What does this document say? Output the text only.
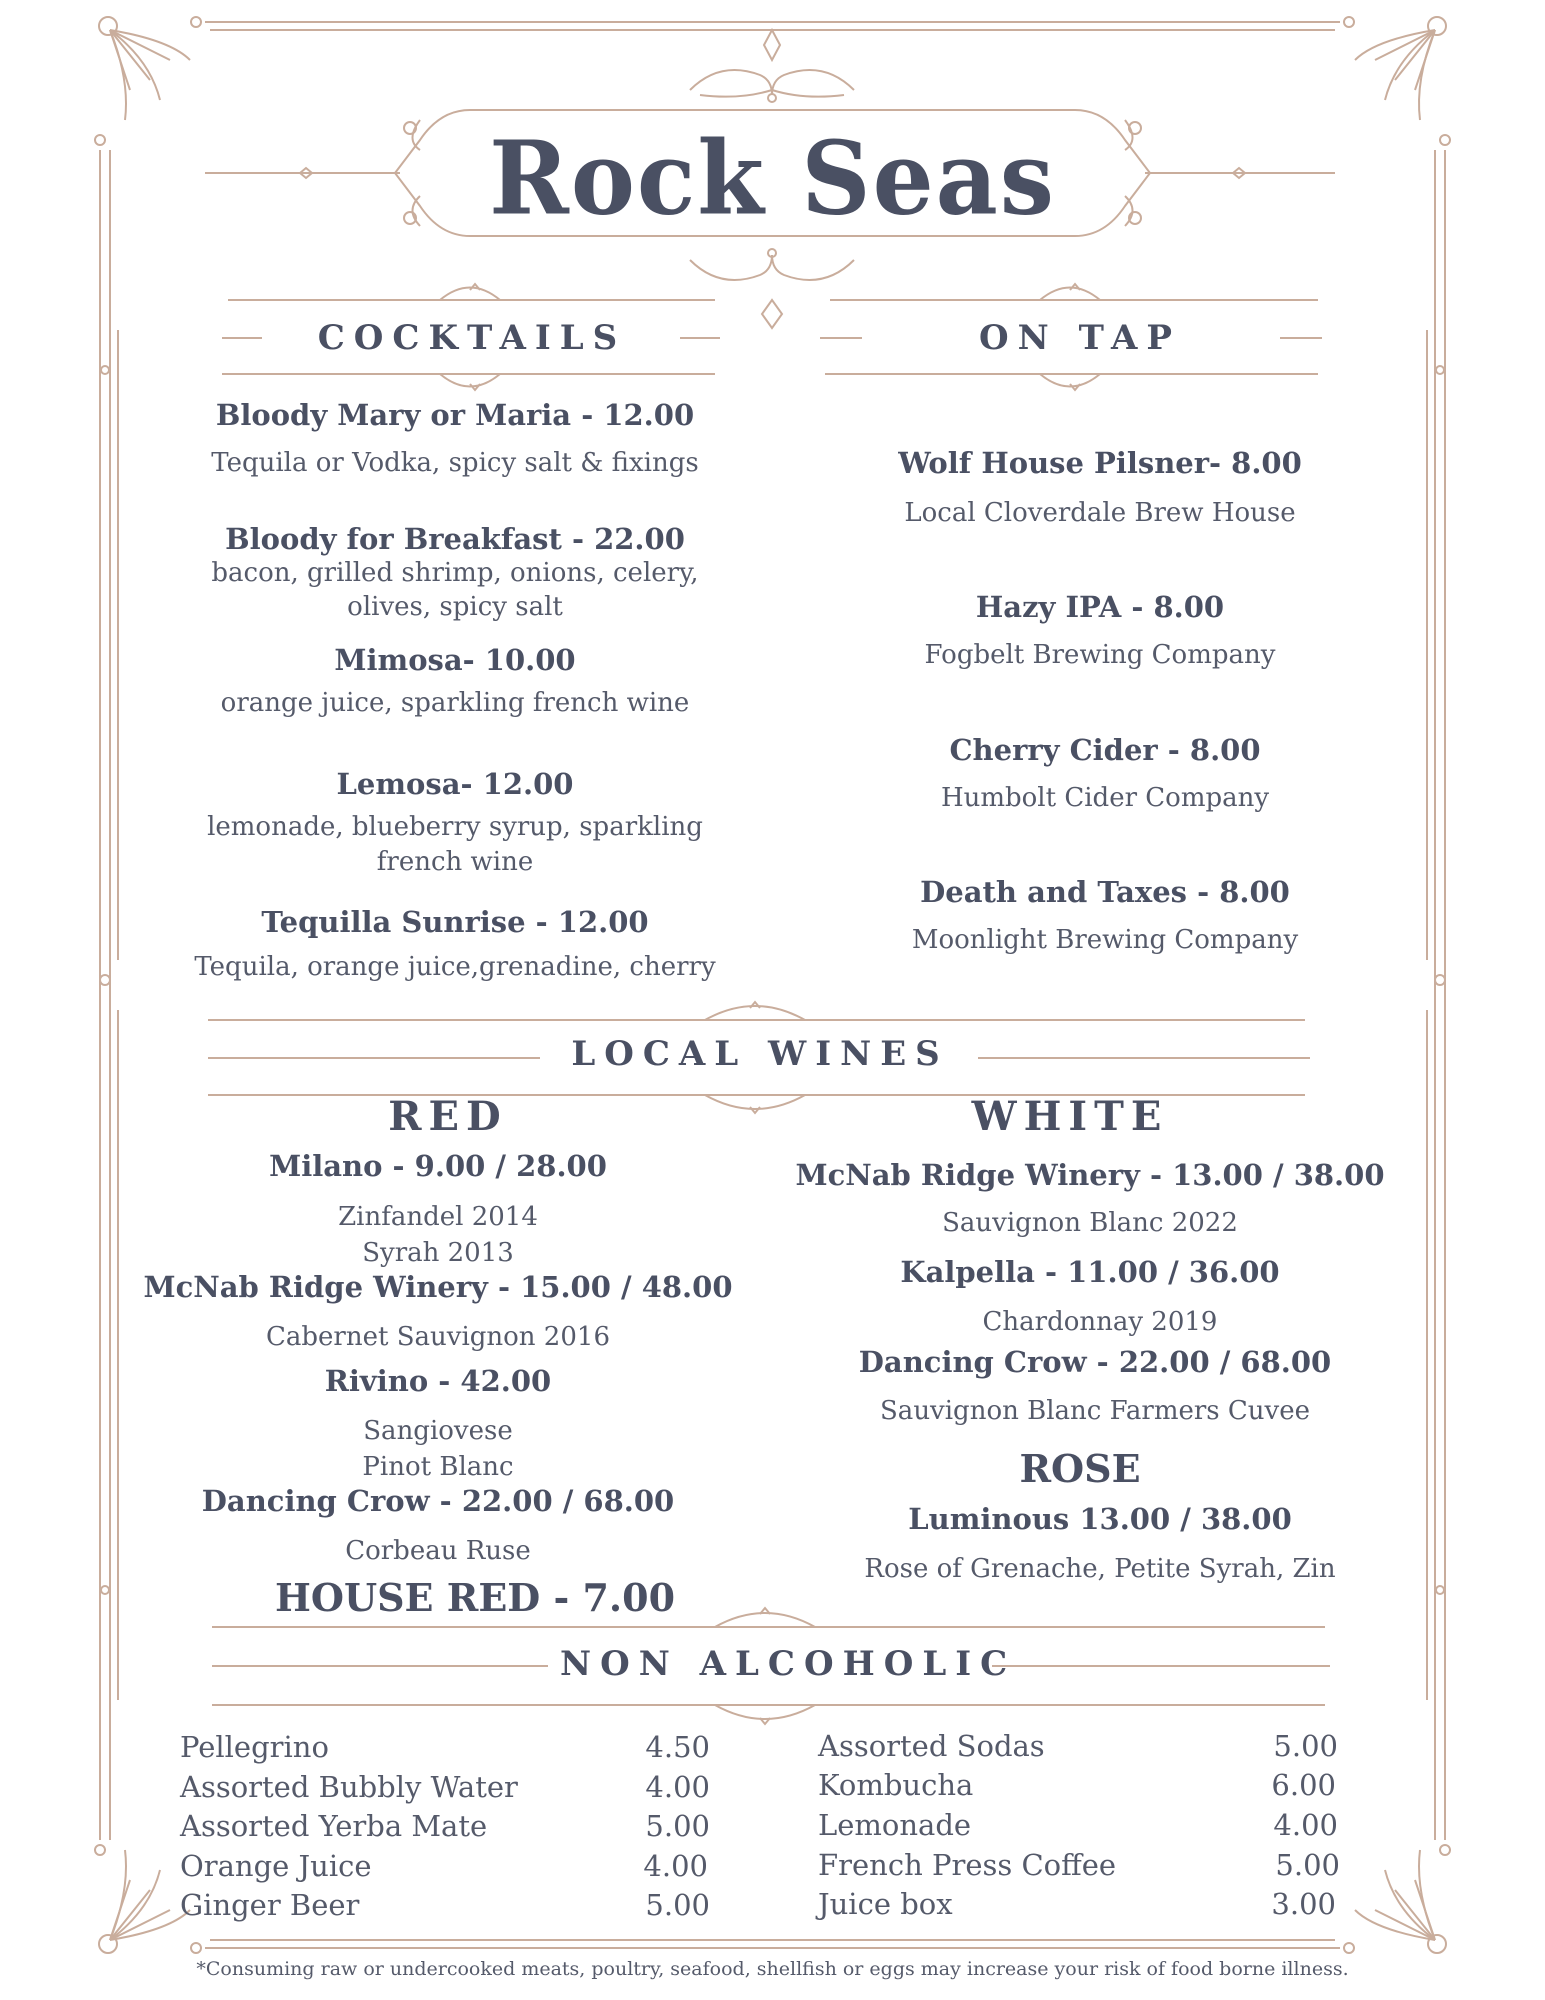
Rock Seas
COCKTAILS
Bloody Mary or Maria - 12.00
Tequila or Vodka, spicy salt & fixings
Bloody for Breakfast - 22.00
bacon, grilled shrimp, onions, celery,
olives, spicy salt
Mimosa- 10.00
orange juice, sparkling french wine
Lemosa- 12.00
lemonade, blueberry syrup, sparkling
french wine
Tequilla Sunrise - 12.00
Tequila, orange juice,grenadine, cherry
ON TAP
Wolf House Pilsner- 8.00
Local Cloverdale Brew House
Hazy IPA - 8.00
Fogbelt Brewing Company
Cherry Cider - 8.00
Humbolt Cider Company
Death and Taxes - 8.00
Moonlight Brewing Company
LOCAL WINES
RED
Milano - 9.00 / 28.00
Zinfandel 2014
Syrah 2013
McNab Ridge Winery - 15.00 / 48.00
Cabernet Sauvignon 2016
Rivino - 42.00
Sangiovese
Pinot Blanc
Dancing Crow - 22.00 / 68.00
Corbeau Ruse
HOUSE RED - 7.00
WHITE
McNab Ridge Winery - 13.00 / 38.00
Sauvignon Blanc 2022
Kalpella - 11.00 / 36.00
Chardonnay 2019
Dancing Crow - 22.00 / 68.00
Sauvignon Blanc Farmers Cuvee
ROSE
Luminous 13.00 / 38.00
Rose of Grenache, Petite Syrah, Zin
NON ALCOHOLIC
Pellegrino	4.50
Assorted Bubbly Water	4.00
Assorted Yerba Mate	5.00
Orange Juice	4.00
Ginger Beer	5.00
Assorted Sodas	5.00
Kombucha	6.00
Lemonade	4.00
French Press Coffee	5.00
Juice box	3.00
*Consuming raw or undercooked meats, poultry, seafood, shellfish or eggs may increase your risk of food borne illness.
